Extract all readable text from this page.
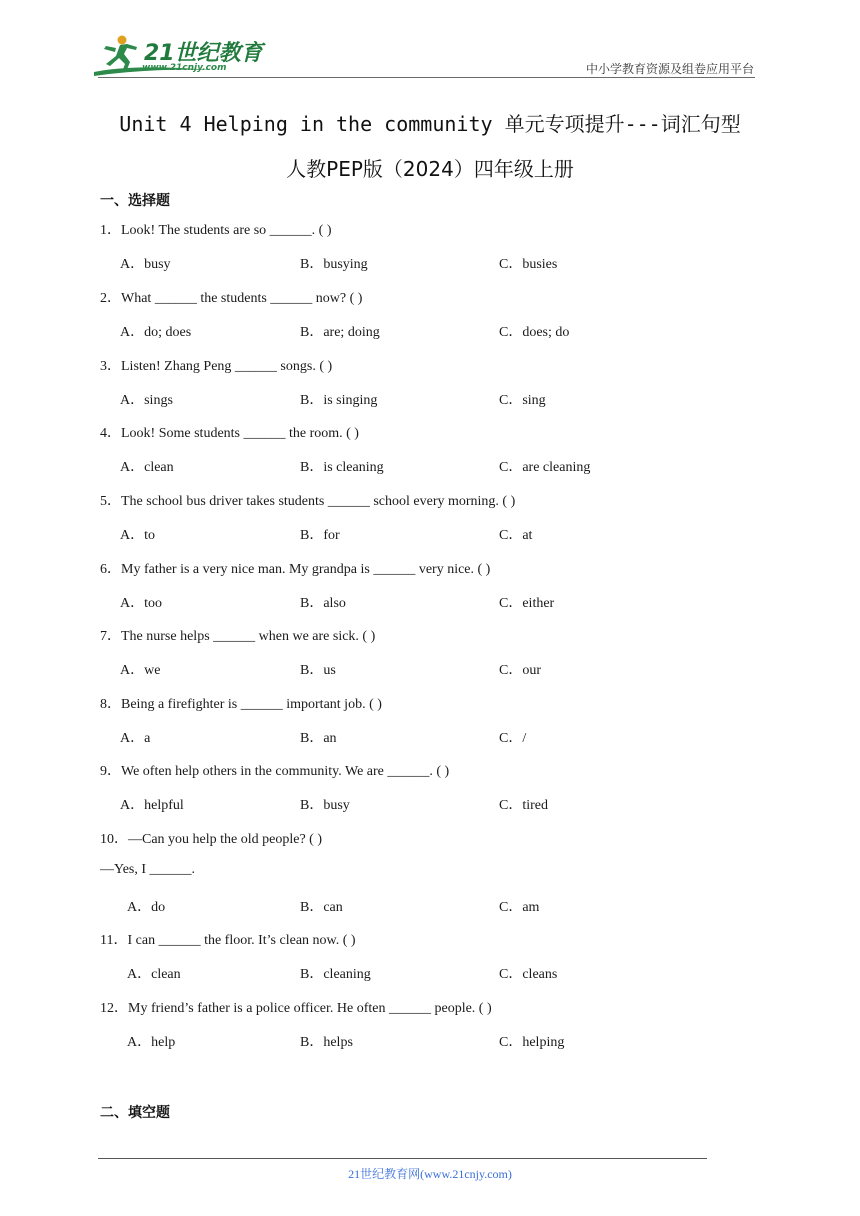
21世纪教育
www.21cnjy.com	中小学教育资源及组卷应用平台
Unit 4 Helping in the community 单元专项提升---词汇句型
人教PEP版（2024）四年级上册
一、选择题
1．Look! The students are so ______. ( )
A．busy	B．busying	C．busies
2．What ______ the students ______ now? ( )
A．do; does	B．are; doing	C．does; do
3．Listen! Zhang Peng ______ songs. ( )
A．sings	B．is singing	C．sing
4．Look! Some students ______ the room. ( )
A．clean	B．is cleaning	C．are cleaning
5．The school bus driver takes students ______ school every morning. ( )
A．to	B．for	C．at
6．My father is a very nice man. My grandpa is ______ very nice. ( )
A．too	B．also	C．either
7．The nurse helps ______ when we are sick. ( )
A．we	B．us	C．our
8．Being a firefighter is ______ important job. ( )
A．a	B．an	C．/
9．We often help others in the community. We are ______. ( )
A．helpful	B．busy	C．tired
10．—Can you help the old people? ( )
—Yes, I ______.
A．do	B．can	C．am
11．I can ______ the floor. It’s clean now. ( )
A．clean	B．cleaning	C．cleans
12．My friend’s father is a police officer. He often ______ people. ( )
A．help	B．helps	C．helping
二、填空题
21世纪教育网(www.21cnjy.com)
